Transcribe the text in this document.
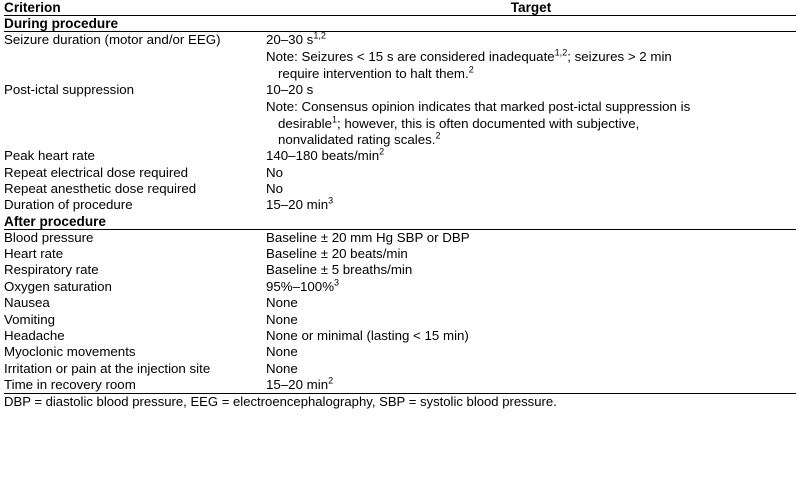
Criterion	Target
During procedure	
Seizure duration (motor and/or EEG)	20–30 $s^{1,2}$
Note: Seizures < 15 s are considered inadequate$^{1,2}$; seizures > 2 min
require intervention to halt them.$^2$

Post-ictal suppression	10–20 s
Note: Consensus opinion indicates that marked post-ictal suppression is
desirable$^1$; however, this is often documented with subjective,
nonvalidated rating scales.$^2$

Peak heart rate	140–180 beats/$\min^2$
Repeat electrical dose required	No
Repeat anesthetic dose required	No
Duration of procedure	15–20 $\min^3$
After procedure	
Blood pressure	Baseline ± 20 mm Hg SBP or DBP
Heart rate	Baseline ± 20 beats/min
Respiratory rate	Baseline ± 5 breaths/min
Oxygen saturation	95%–100%$^3$
Nausea	None
Vomiting	None
Headache	None or minimal (lasting < 15 min)
Myoclonic movements	None
Irritation or pain at the injection site	None
Time in recovery room	15–20 $\min^2$
DBP = diastolic blood pressure, EEG = electroencephalography, SBP = systolic blood pressure.	
